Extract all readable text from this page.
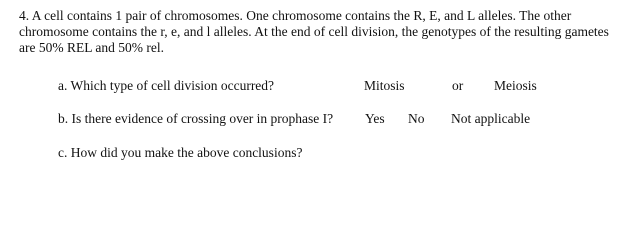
4. A cell contains 1 pair of chromosomes. One chromosome contains the R, E, and L alleles. The other chromosome contains the r, e, and l alleles. At the end of cell division, the genotypes of the resulting gametes are 50% REL and 50% rel.
a. Which type of cell division occurred?	Mitosis	or Meiosis
b. Is there evidence of crossing over in prophase I? Yes No Not applicable
c. How did you make the above conclusions?
